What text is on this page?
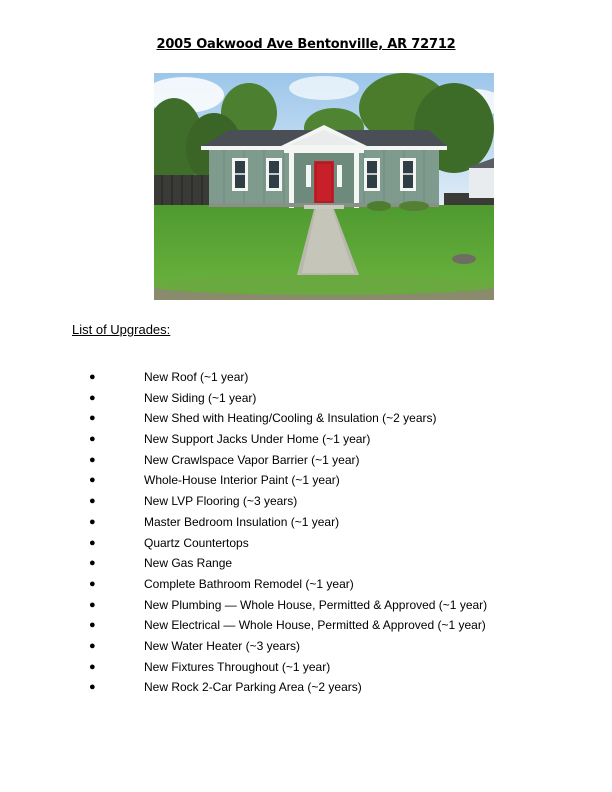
2005 Oakwood Ave Bentonville, AR 72712
List of Upgrades:
●	New Roof (~1 year)
●	New Siding (~1 year)
●	New Shed with Heating/Cooling & Insulation (~2 years)
●	New Support Jacks Under Home (~1 year)
●	New Crawlspace Vapor Barrier (~1 year)
●	Whole-House Interior Paint (~1 year)
●	New LVP Flooring (~3 years)
●	Master Bedroom Insulation (~1 year)
●	Quartz Countertops
●	New Gas Range
●	Complete Bathroom Remodel (~1 year)
●	New Plumbing — Whole House, Permitted & Approved (~1 year)
●	New Electrical — Whole House, Permitted & Approved (~1 year)
●	New Water Heater (~3 years)
●	New Fixtures Throughout (~1 year)
●	New Rock 2-Car Parking Area (~2 years)
